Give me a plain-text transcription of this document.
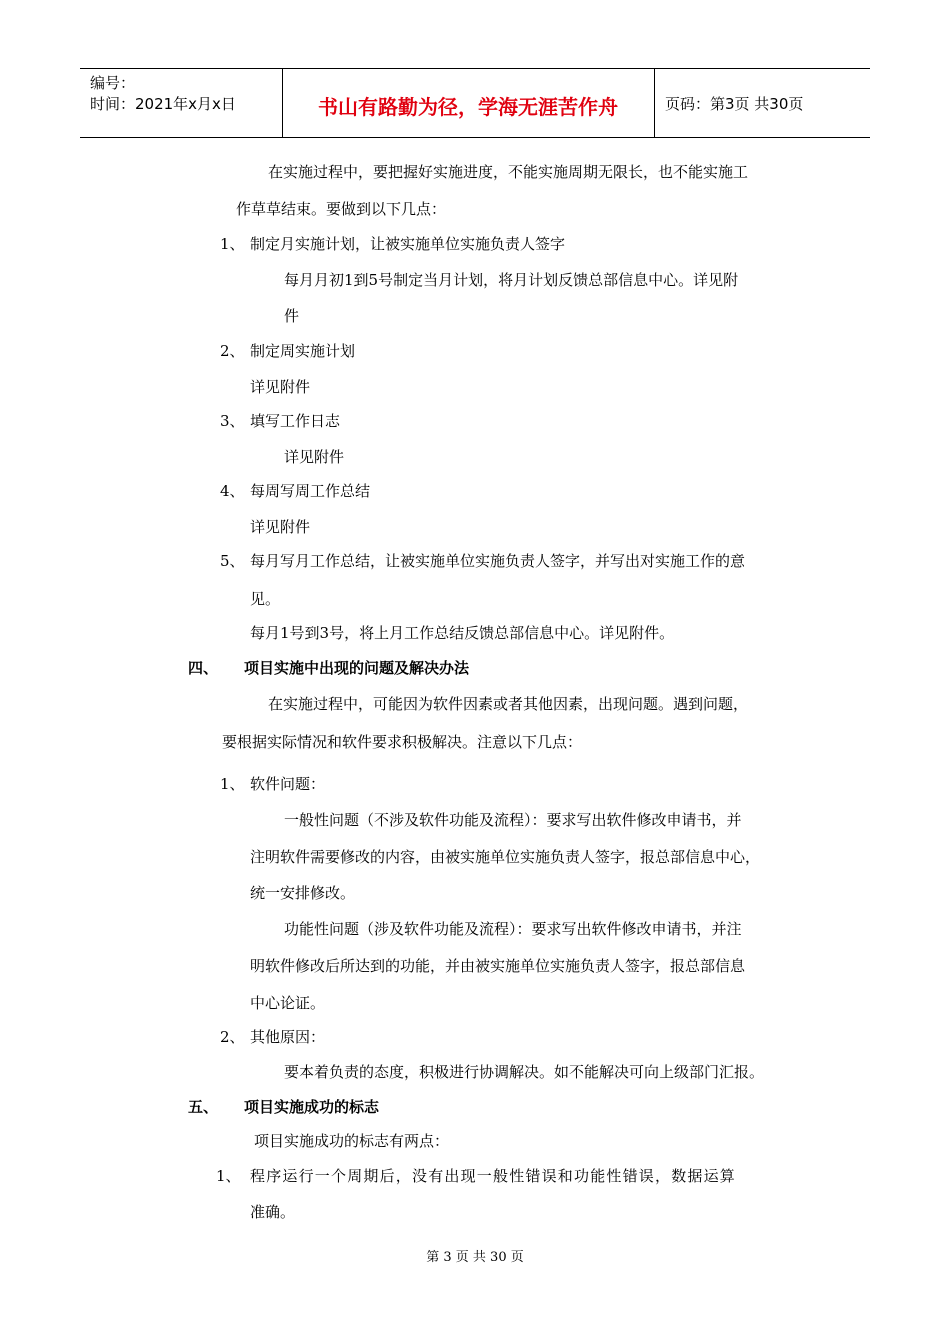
编号：
时间：2021年x月x日	书山有路勤为径，学海无涯苦作舟	页码：第3页 共30页
在实施过程中，要把握好实施进度，不能实施周期无限长，也不能实施工
作草草结束。要做到以下几点：
1、 制定月实施计划，让被实施单位实施负责人签字
每月月初1到5号制定当月计划，将月计划反馈总部信息中心。详见附
件
2、 制定周实施计划
详见附件
3、 填写工作日志
详见附件
4、 每周写周工作总结
详见附件
5、 每月写月工作总结，让被实施单位实施负责人签字，并写出对实施工作的意
见。
每月1号到3号，将上月工作总结反馈总部信息中心。详见附件。
四、 项目实施中出现的问题及解决办法
在实施过程中，可能因为软件因素或者其他因素，出现问题。遇到问题，
要根据实际情况和软件要求积极解决。注意以下几点：
1、 软件问题：
一般性问题（不涉及软件功能及流程）：要求写出软件修改申请书，并
注明软件需要修改的内容，由被实施单位实施负责人签字，报总部信息中心，
统一安排修改。
功能性问题（涉及软件功能及流程）：要求写出软件修改申请书，并注
明软件修改后所达到的功能，并由被实施单位实施负责人签字，报总部信息
中心论证。
2、 其他原因：
要本着负责的态度，积极进行协调解决。如不能解决可向上级部门汇报。
五、 项目实施成功的标志
项目实施成功的标志有两点：
1、 程序运行一个周期后，没有出现一般性错误和功能性错误，数据运算
准确。
第 3 页 共 30 页
